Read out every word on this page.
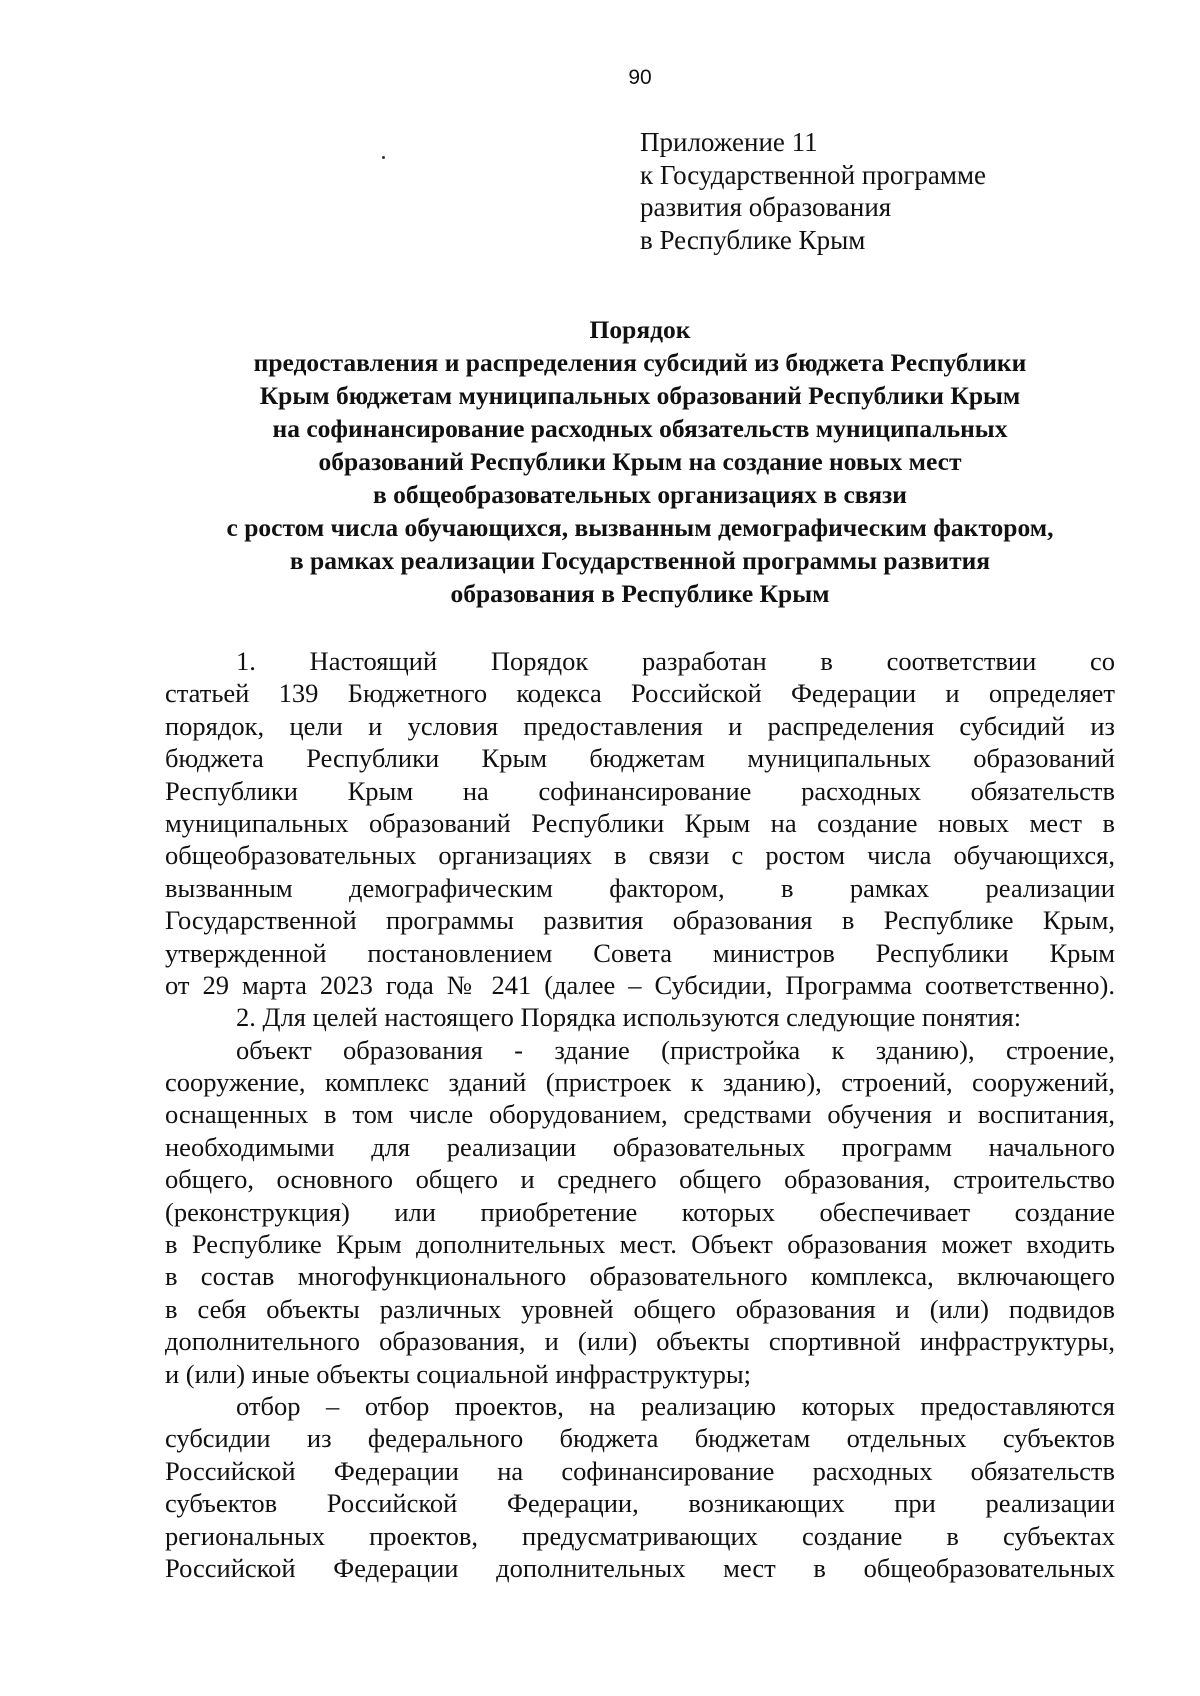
90
Приложение 11
к Государственной программе
развития образования
в Республике Крым
Порядок
предоставления и распределения субсидий из бюджета Республики
Крым бюджетам муниципальных образований Республики Крым
на софинансирование расходных обязательств муниципальных
образований Республики Крым на создание новых мест
в общеобразовательных организациях в связи
с ростом числа обучающихся, вызванным демографическим фактором,
в рамках реализации Государственной программы развития
образования в Республике Крым
1. Настоящий Порядок разработан в соответствии со
статьей 139 Бюджетного кодекса Российской Федерации и определяет
порядок, цели и условия предоставления и распределения субсидий из
бюджета Республики Крым бюджетам муниципальных образований
Республики Крым на софинансирование расходных обязательств
муниципальных образований Республики Крым на создание новых мест в
общеобразовательных организациях в связи с ростом числа обучающихся,
вызванным демографическим фактором, в рамках реализации
Государственной программы развития образования в Республике Крым,
утвержденной постановлением Совета министров Республики Крым
от 29 марта 2023 года № 241 (далее – Субсидии, Программа соответственно).
2. Для целей настоящего Порядка используются следующие понятия:
объект образования - здание (пристройка к зданию), строение,
сооружение, комплекс зданий (пристроек к зданию), строений, сооружений,
оснащенных в том числе оборудованием, средствами обучения и воспитания,
необходимыми для реализации образовательных программ начального
общего, основного общего и среднего общего образования, строительство
(реконструкция) или приобретение которых обеспечивает создание
в Республике Крым дополнительных мест. Объект образования может входить
в состав многофункционального образовательного комплекса, включающего
в себя объекты различных уровней общего образования и (или) подвидов
дополнительного образования, и (или) объекты спортивной инфраструктуры,
и (или) иные объекты социальной инфраструктуры;
отбор – отбор проектов, на реализацию которых предоставляются
субсидии из федерального бюджета бюджетам отдельных субъектов
Российской Федерации на софинансирование расходных обязательств
субъектов Российской Федерации, возникающих при реализации
региональных проектов, предусматривающих создание в субъектах
Российской Федерации дополнительных мест в общеобразовательных
